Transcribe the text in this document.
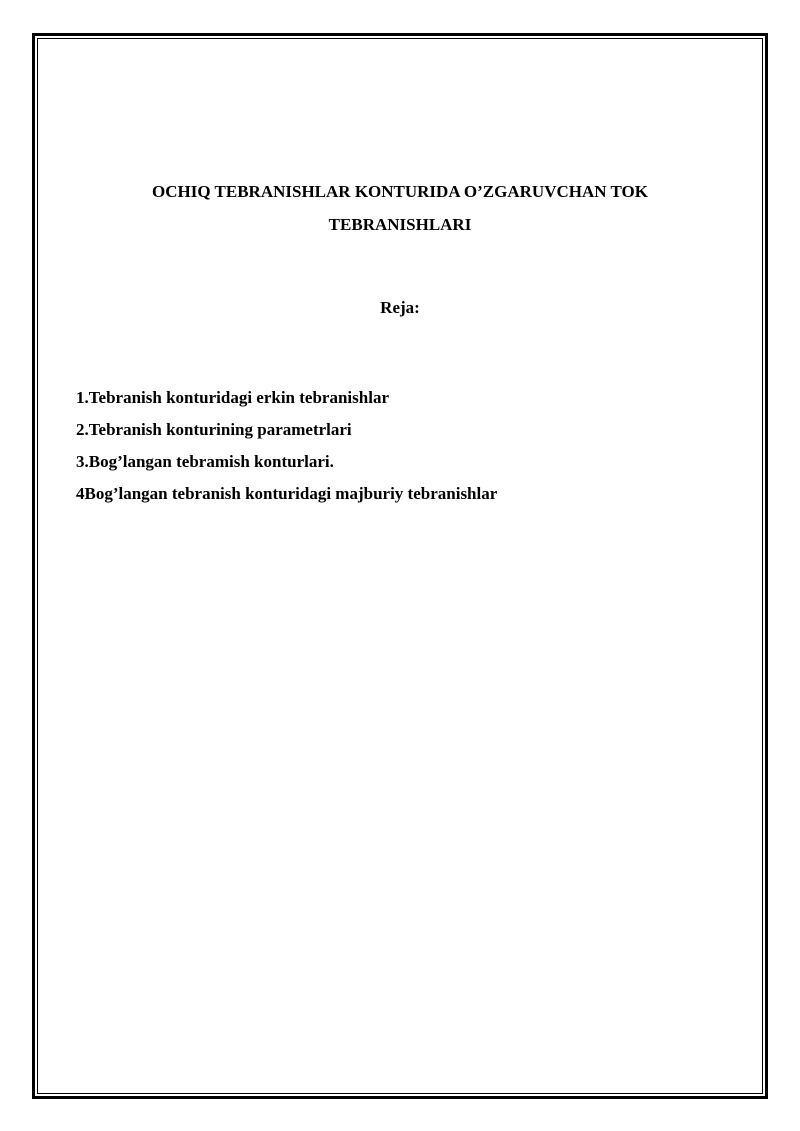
OCHIQ TEBRANISHLAR KONTURIDA O’ZGARUVCHAN TOK
TEBRANISHLARI

Reja:

1.Tebranish konturidagi erkin tebranishlar
2.Tebranish konturining parametrlari
3.Bog’langan tebramish konturlari.
4Bog’langan tebranish konturidagi majburiy tebranishlar
